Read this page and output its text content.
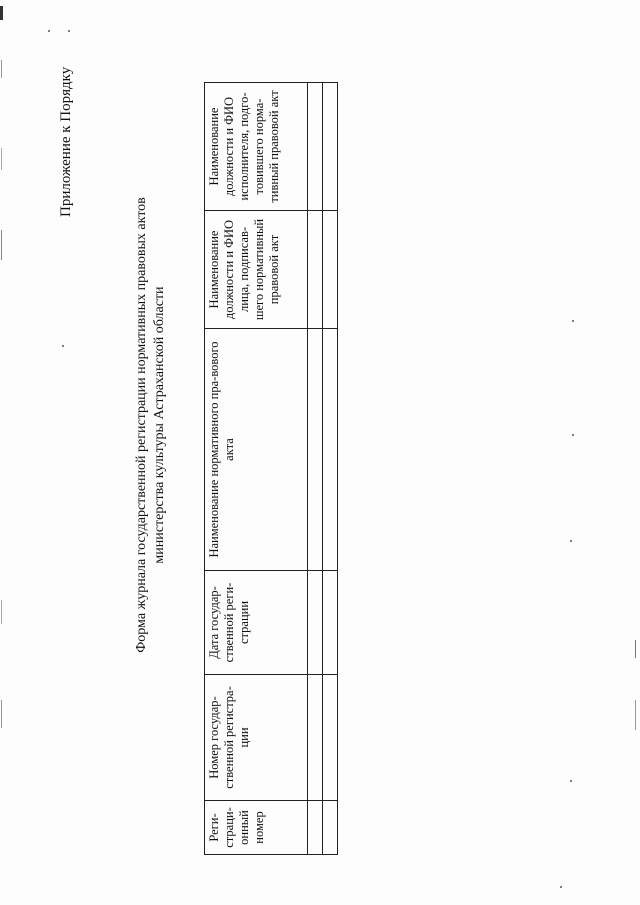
Приложение к Порядку
Форма журнала государственной регистрации нормативных правовых актов министерства культуры Астраханской области
Реги-страци-онный номер	Номер государ-ственной регистра-ции	Дата государ-ственной реги-страции	Наименование нормативного пра-вового акта	Наименование должности и ФИО лица, подписав-шего нормативный правовой акт	Наименование должности и ФИО исполнителя, подго-товившего норма-тивный правовой акт
